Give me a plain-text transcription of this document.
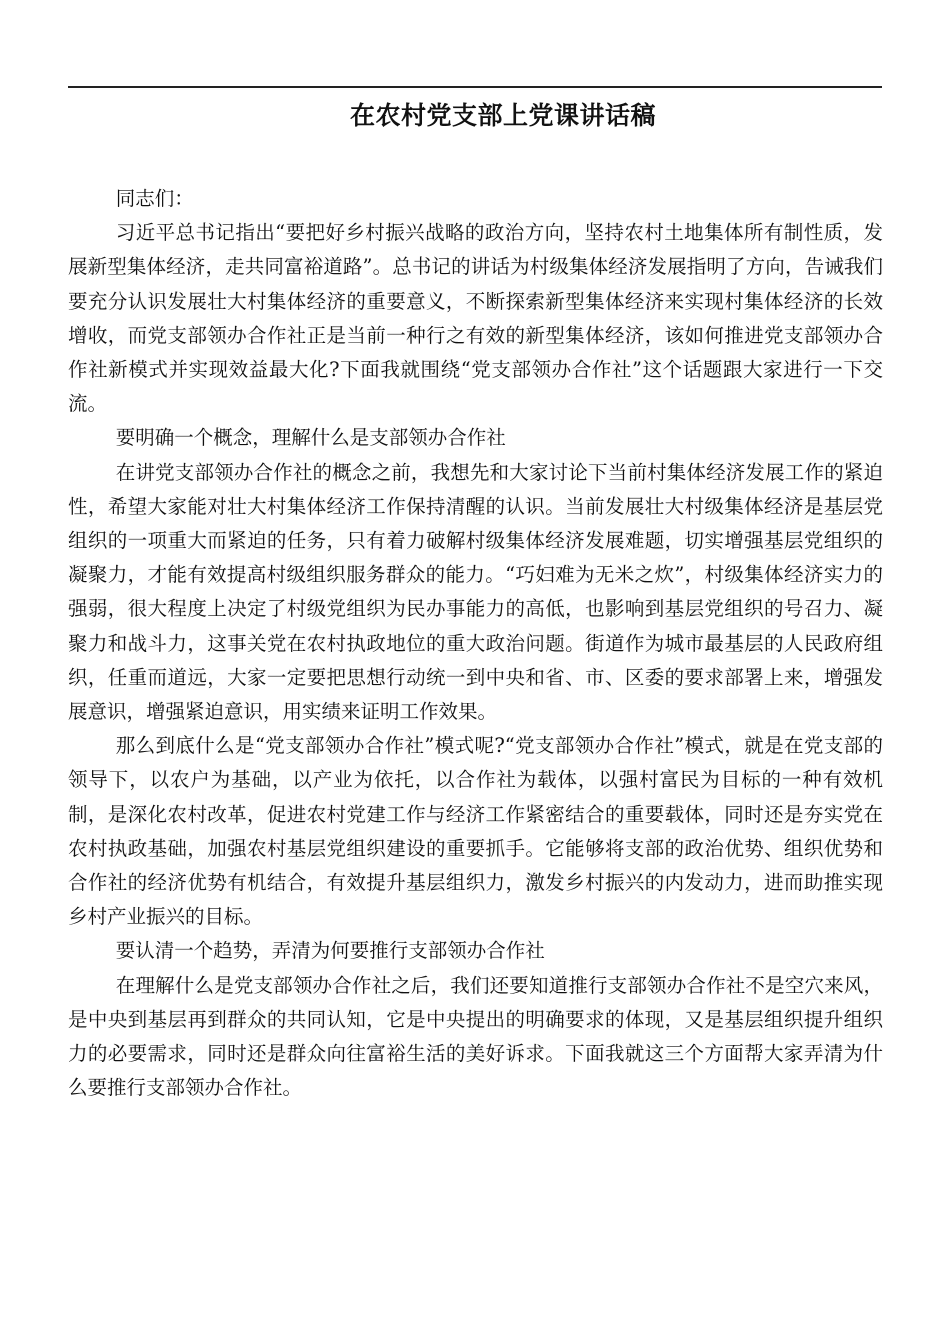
在农村党支部上党课讲话稿

同志们：

习近平总书记指出“要把好乡村振兴战略的政治方向，坚持农村土地集体所有制性质，发展新型集体经济，走共同富裕道路”。总书记的讲话为村级集体经济发展指明了方向，告诫我们要充分认识发展壮大村集体经济的重要意义，不断探索新型集体经济来实现村集体经济的长效增收，而党支部领办合作社正是当前一种行之有效的新型集体经济，该如何推进党支部领办合作社新模式并实现效益最大化?下面我就围绕“党支部领办合作社”这个话题跟大家进行一下交流。

要明确一个概念，理解什么是支部领办合作社

在讲党支部领办合作社的概念之前，我想先和大家讨论下当前村集体经济发展工作的紧迫性，希望大家能对壮大村集体经济工作保持清醒的认识。当前发展壮大村级集体经济是基层党组织的一项重大而紧迫的任务，只有着力破解村级集体经济发展难题，切实增强基层党组织的凝聚力，才能有效提高村级组织服务群众的能力。“巧妇难为无米之炊”，村级集体经济实力的强弱，很大程度上决定了村级党组织为民办事能力的高低，也影响到基层党组织的号召力、凝聚力和战斗力，这事关党在农村执政地位的重大政治问题。街道作为城市最基层的人民政府组织，任重而道远，大家一定要把思想行动统一到中央和省、市、区委的要求部署上来，增强发展意识，增强紧迫意识，用实绩来证明工作效果。

那么到底什么是“党支部领办合作社”模式呢?“党支部领办合作社”模式，就是在党支部的领导下，以农户为基础，以产业为依托，以合作社为载体，以强村富民为目标的一种有效机制，是深化农村改革，促进农村党建工作与经济工作紧密结合的重要载体，同时还是夯实党在农村执政基础，加强农村基层党组织建设的重要抓手。它能够将支部的政治优势、组织优势和合作社的经济优势有机结合，有效提升基层组织力，激发乡村振兴的内发动力，进而助推实现乡村产业振兴的目标。

要认清一个趋势，弄清为何要推行支部领办合作社

在理解什么是党支部领办合作社之后，我们还要知道推行支部领办合作社不是空穴来风，是中央到基层再到群众的共同认知，它是中央提出的明确要求的体现，又是基层组织提升组织力的必要需求，同时还是群众向往富裕生活的美好诉求。下面我就这三个方面帮大家弄清为什么要推行支部领办合作社。
